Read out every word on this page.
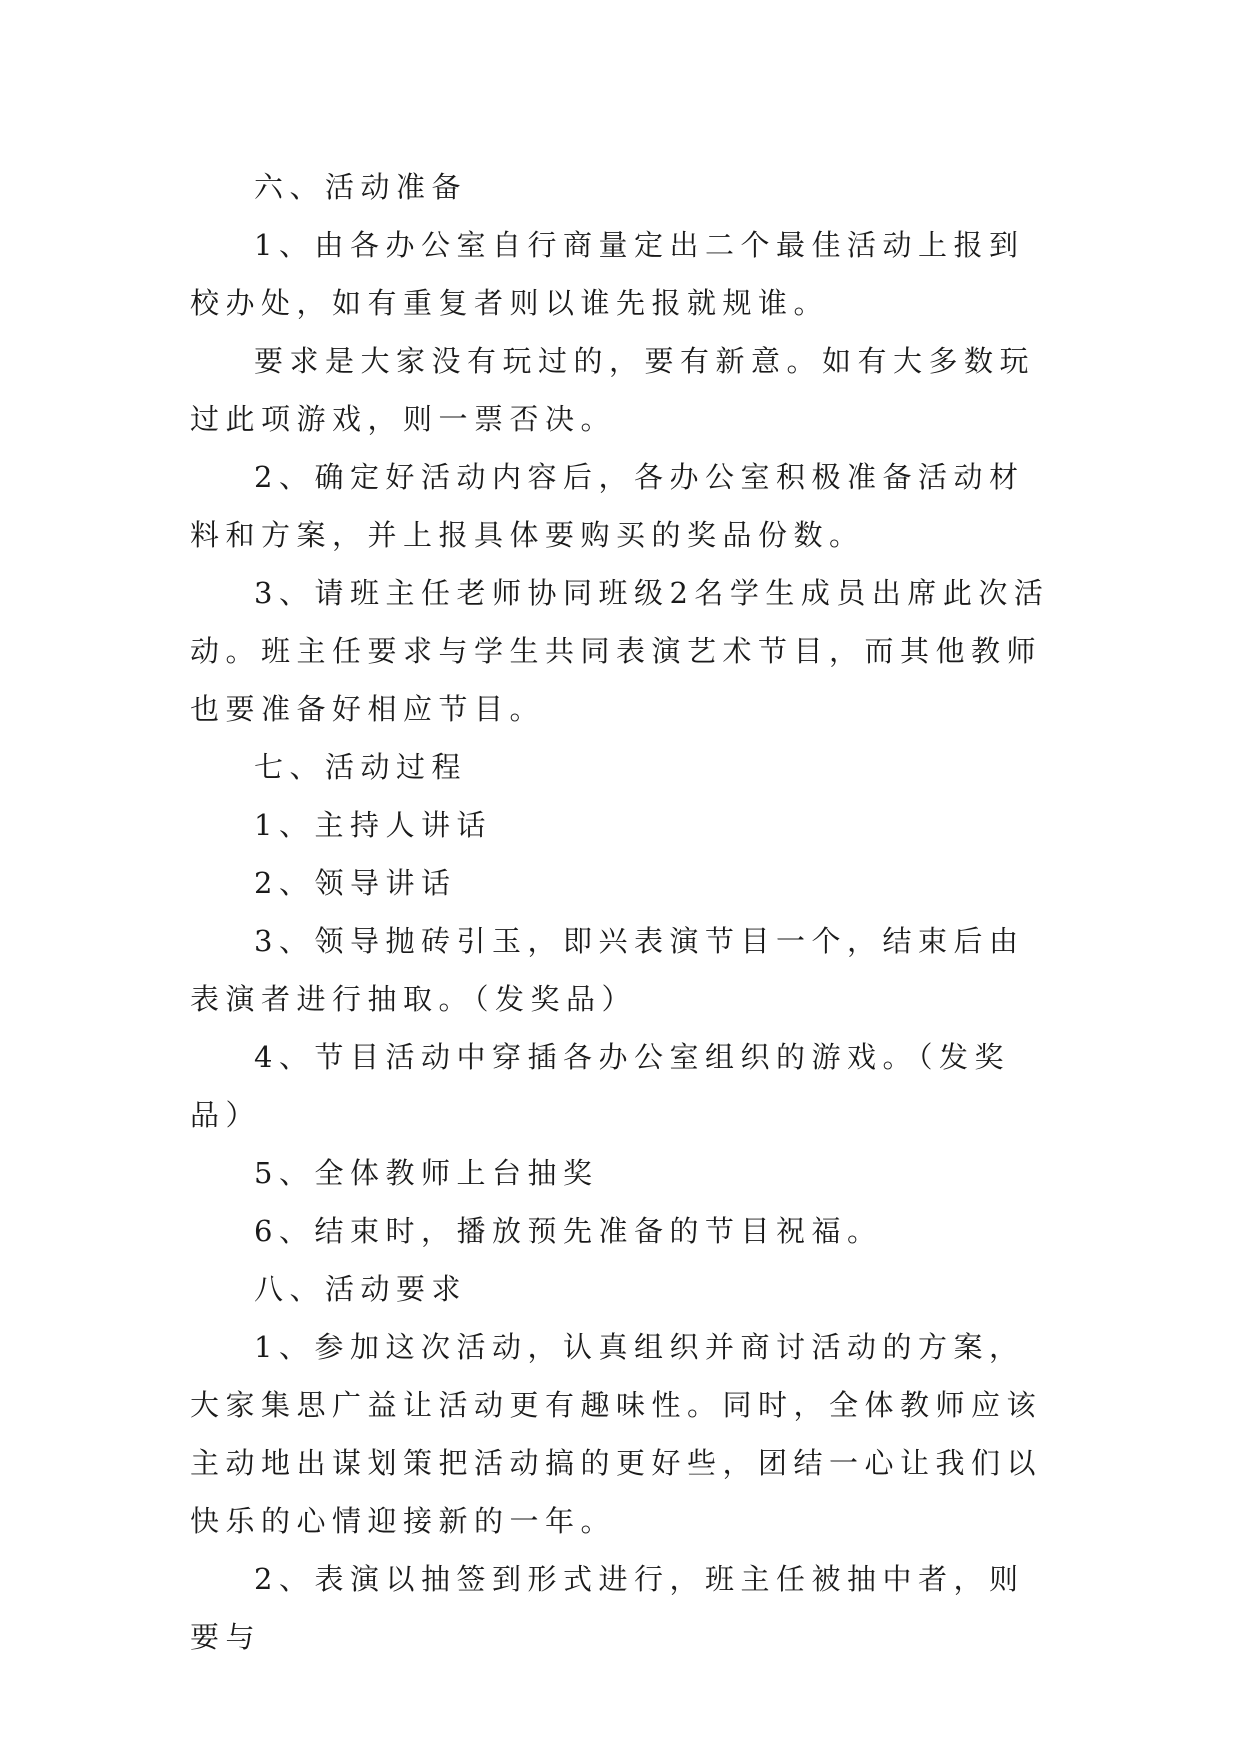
六、活动准备

1、由各办公室自行商量定出二个最佳活动上报到校办处，如有重复者则以谁先报就规谁。

要求是大家没有玩过的，要有新意。如有大多数玩过此项游戏，则一票否决。

2、确定好活动内容后，各办公室积极准备活动材料和方案，并上报具体要购买的奖品份数。

3、请班主任老师协同班级2名学生成员出席此次活动。班主任要求与学生共同表演艺术节目，而其他教师也要准备好相应节目。

七、活动过程

1、主持人讲话

2、领导讲话

3、领导抛砖引玉，即兴表演节目一个，结束后由表演者进行抽取。（发奖品）

4、节目活动中穿插各办公室组织的游戏。（发奖品）

5、全体教师上台抽奖

6、结束时，播放预先准备的节目祝福。

八、活动要求

1、参加这次活动，认真组织并商讨活动的方案，大家集思广益让活动更有趣味性。同时，全体教师应该主动地出谋划策把活动搞的更好些，团结一心让我们以快乐的心情迎接新的一年。

2、表演以抽签到形式进行，班主任被抽中者，则要与
